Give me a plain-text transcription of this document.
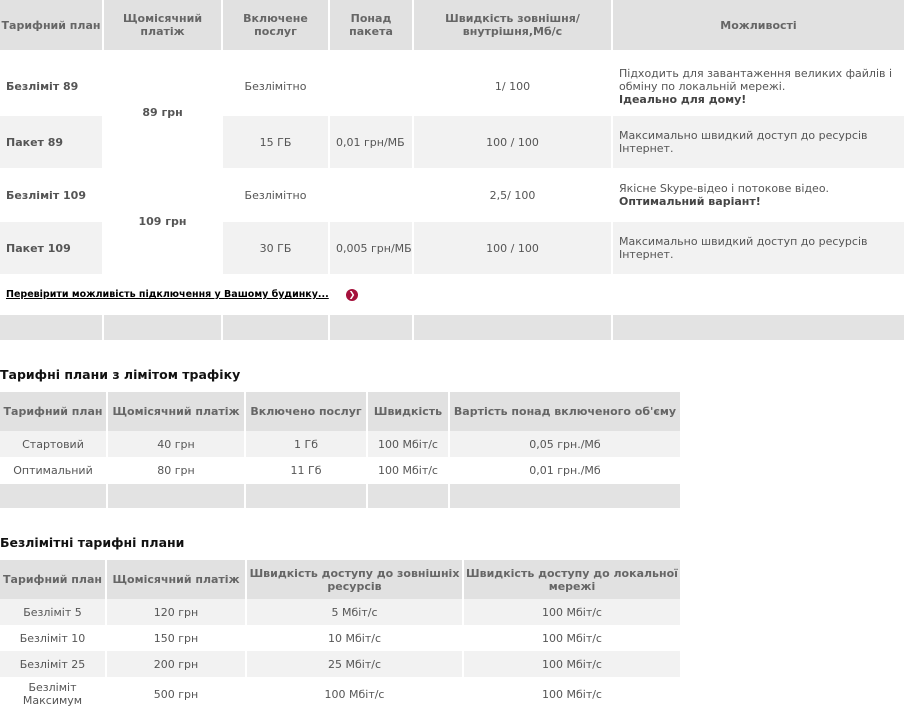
Тарифний план	Щомісячний платіж	Включене послуг	Понад пакета	Швидкість зовнішня/ внутрішня,Мб/с	Можливості

Безліміт 89	89 грн	Безлімітно		1/ 100	Підходить для завантаження великих файлів і обміну по локальній мережі.
Ідеально для дому!
Пакет 89		15 ГБ	0,01 грн/МБ	100 / 100	Максимально швидкий доступ до ресурсів Інтернет.
Безліміт 109	109 грн	Безлімітно		2,5/ 100	Якісне Skype-відео і потокове відео.
Оптимальний варіант!
Пакет 109		30 ГБ	0,005 грн/МБ	100 / 100	Максимально швидкий доступ до ресурсів Інтернет.
Перевірити можливість підключення у Вашому будинку...	❯
Тарифні плани з лімітом трафіку
Тарифний план	Щомісячний платіж	Включено послуг	Швидкість	Вартість понад включеного об'єму
Стартовий	40 грн	1 Гб	100 Мбіт/с	0,05 грн./Мб
Оптимальний	80 грн	11 Гб	100 Мбіт/с	0,01 грн./Мб
Безлімітні тарифні плани
Тарифний план	Щомісячний платіж	Швидкість доступу до зовнішніх ресурсів	Швидкість доступу до локальної мережі
Безліміт 5	120 грн	5 Мбіт/с	100 Мбіт/с
Безліміт 10	150 грн	10 Мбіт/с	100 Мбіт/с
Безліміт 25	200 грн	25 Мбіт/с	100 Мбіт/с
Безліміт Максимум	500 грн	100 Мбіт/с	100 Мбіт/с
